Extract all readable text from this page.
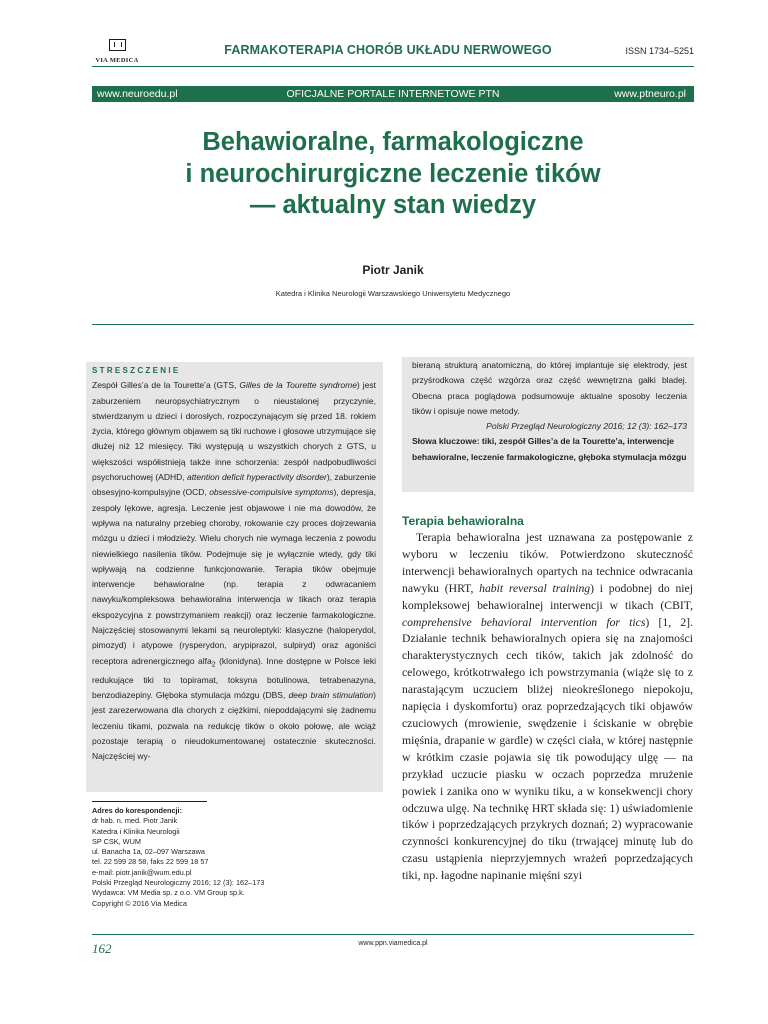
VIA MEDICA
FARMAKOTERAPIA CHORÓB UKŁADU NERWOWEGO	ISSN 1734–5251
www.neuroedu.pl	OFICJALNE PORTALE INTERNETOWE PTN	www.ptneuro.pl
Behawioralne, farmakologiczne
i neurochirurgiczne leczenie tików
— aktualny stan wiedzy
Piotr Janik
Katedra i Klinika Neurologii Warszawskiego Uniwersytetu Medycznego
STRESZCZENIE

Zespół Gilles’a de la Tourette’a (GTS, Gilles de la Tourette syndrome) jest zaburzeniem neuropsychiatrycznym o nieustalonej przyczynie, stwierdzanym u dzieci i dorosłych, rozpoczynającym się przed 18. rokiem życia, którego głównym objawem są tiki ruchowe i głosowe utrzymujące się dłużej niż 12 miesięcy. Tiki występują u wszystkich chorych z GTS, u większości współistnieją także inne schorzenia: zespół nadpobudliwości psychoruchowej (ADHD, attention deficit hyperactivity disorder), zaburzenie obsesyjno-kompulsyjne (OCD, obsessive-compulsive symptoms), depresja, zespoły lękowe, agresja. Leczenie jest objawowe i nie ma dowodów, że wpływa na naturalny przebieg choroby, rokowanie czy proces dojrzewania mózgu u dzieci i młodzieży. Wielu chorych nie wymaga leczenia z powodu niewielkiego nasilenia tików. Podejmuje się je wyłącznie wtedy, gdy tiki wpływają na codzienne funkcjonowanie. Terapia tików obejmuje interwencje behawioralne (np. terapia z odwracaniem nawyku/kompleksowa behawioralna interwencja w tikach oraz terapia ekspozycyjna z powstrzymaniem reakcji) oraz leczenie farmakologiczne. Najczęściej stosowanymi lekami są neuroleptyki: klasyczne (haloperydol, pimozyd) i atypowe (rysperydon, arypiprazol, sulpiryd) oraz agoniści receptora adrenergicznego alfa$_2$ (klonidyna). Inne dostępne w Polsce leki redukujące tiki to topiramat, toksyna botulinowa, tetrabenazyna, benzodiazepiny. Głęboka stymulacja mózgu (DBS, deep brain stimulation) jest zarezerwowana dla chorych z ciężkimi, niepoddającymi się żadnemu leczeniu tikami, pozwala na redukcję tików o około połowę, ale wciąż pozostaje terapią o nieudokumentowanej ostatecznie skuteczności. Najczęściej wy-

bieraną strukturą anatomiczną, do której implantuje się elektrody, jest przyśrodkowa część wzgórza oraz część wewnętrzna gałki bladej. Obecna praca poglądowa podsumowuje aktualne sposoby leczenia tików i opisuje nowe metody.

Polski Przegląd Neurologiczny 2016; 12 (3): 162–173

Słowa kluczowe: tiki, zespół Gilles’a de la Tourette’a, interwencje behawioralne, leczenie farmakologiczne, głęboka stymulacja mózgu

Adres do korespondencji:
dr hab. n. med. Piotr Janik
Katedra i Klinika Neurologii
SP CSK, WUM
ul. Banacha 1a, 02–097 Warszawa
tel. 22 599 28 58, faks 22 599 18 57
e-mail: piotr.janik@wum.edu.pl
Polski Przegląd Neurologiczny 2016; 12 (3): 162–173
Wydawca: VM Media sp. z o.o. VM Group sp.k.
Copyright © 2016 Via Medica
Terapia behawioralna

Terapia behawioralna jest uznawana za postępowanie z wyboru w leczeniu tików. Potwierdzono skuteczność interwencji behawioralnych opartych na technice odwracania nawyku (HRT, habit reversal training) i podobnej do niej kompleksowej behawioralnej interwencji w tikach (CBIT, comprehensive behavioral intervention for tics) [1, 2]. Działanie technik behawioralnych opiera się na znajomości charakterystycznych cech tików, takich jak zdolność do celowego, krótkotrwałego ich powstrzymania (wiąże się to z narastającym uczuciem bliżej nieokreślonego niepokoju, napięcia i dyskomfortu) oraz poprzedzających tiki objawów czuciowych (mrowienie, swędzenie i ściskanie w obrębie mięśnia, drapanie w gardle) w części ciała, w której następnie w krótkim czasie pojawia się tik powodujący ulgę — na przykład uczucie piasku w oczach poprzedza mrużenie powiek i zanika ono w wyniku tiku, a w konsekwencji chory odczuwa ulgę. Na technikę HRT składa się: 1) uświadomienie tików i poprzedzających przykrych doznań; 2) wypracowanie czynności konkurencyjnej do tiku (trwającej minutę lub do czasu ustąpienia nieprzyjemnych wrażeń poprzedzających tiki, np. łagodne napinanie mięśni szyi

162	www.ppn.viamedica.pl
